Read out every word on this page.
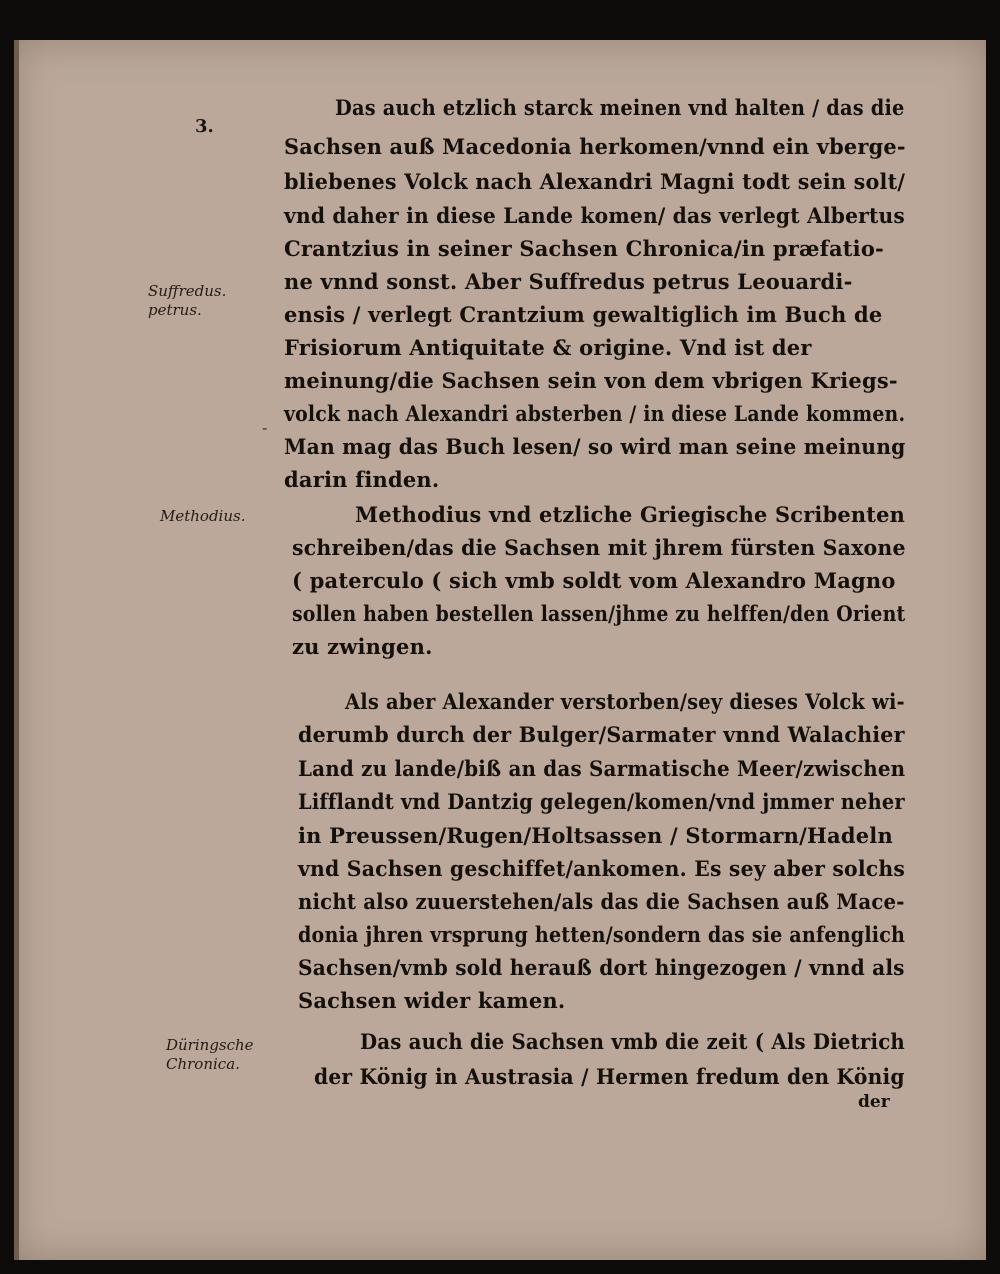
3.
Suffredus.
petrus.
Methodius.
Düringsche
Chronica.
-
Das auch etzlich starck meinen vnd halten / das die
Sachsen auß Macedonia herkomen/vnnd ein vberge-
bliebenes Volck nach Alexandri Magni todt sein solt/
vnd daher in diese Lande komen/ das verlegt Albertus
Crantzius in seiner Sachsen Chronica/in præfatio-
ne vnnd sonst. Aber Suffredus petrus Leouardi-
ensis / verlegt Crantzium gewaltiglich im Buch de
Frisiorum Antiquitate & origine. Vnd ist der
meinung/die Sachsen sein von dem vbrigen Kriegs-
volck nach Alexandri absterben / in diese Lande kommen.
Man mag das Buch lesen/ so wird man seine meinung
darin finden.
Methodius vnd etzliche Griegische Scribenten
schreiben/das die Sachsen mit jhrem fürsten Saxone
( paterculo ( sich vmb soldt vom Alexandro Magno
sollen haben bestellen lassen/jhme zu helffen/den Orient
zu zwingen.
Als aber Alexander verstorben/sey dieses Volck wi-
derumb durch der Bulger/Sarmater vnnd Walachier
Land zu lande/biß an das Sarmatische Meer/zwischen
Lifflandt vnd Dantzig gelegen/komen/vnd jmmer neher
in Preussen/Rugen/Holtsassen / Stormarn/Hadeln
vnd Sachsen geschiffet/ankomen. Es sey aber solchs
nicht also zuuerstehen/als das die Sachsen auß Mace-
donia jhren vrsprung hetten/sondern das sie anfenglich
Sachsen/vmb sold herauß dort hingezogen / vnnd als
Sachsen wider kamen.
Das auch die Sachsen vmb die zeit ( Als Dietrich
der König in Austrasia / Hermen fredum den König
der
